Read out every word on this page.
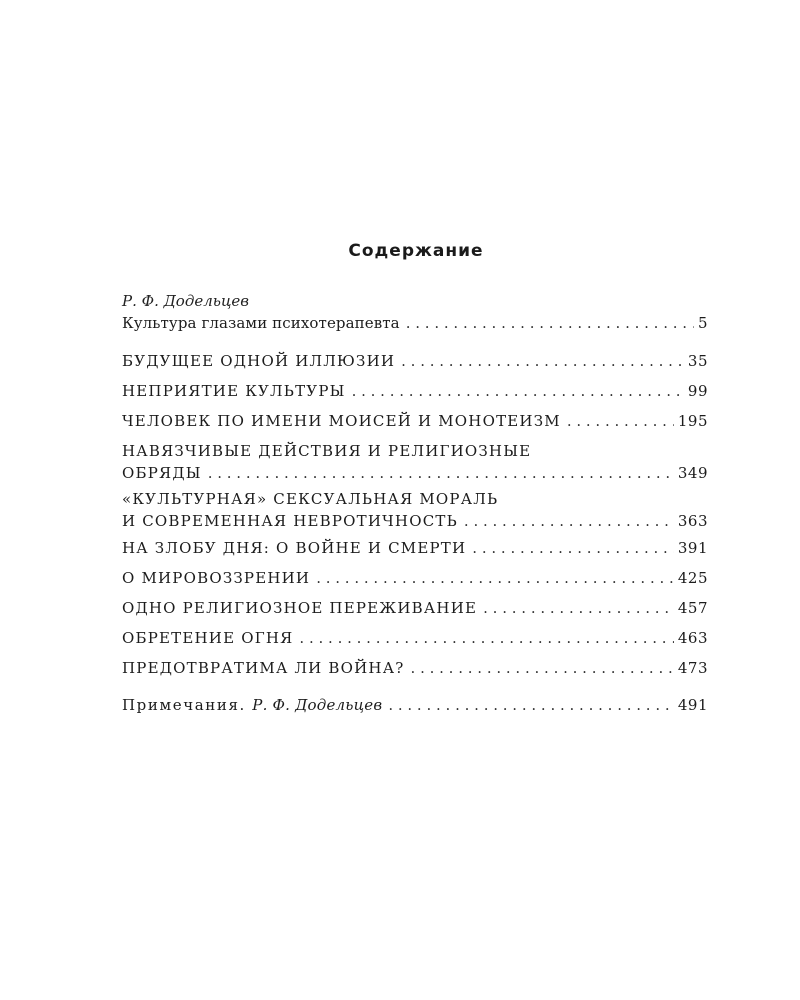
Содержание
Р. Ф. Додельцев
Культура глазами психотерапевта . . .	5
БУДУЩЕЕ ОДНОЙ ИЛЛЮЗИИ . . .	35
НЕПРИЯТИЕ КУЛЬТУРЫ . . .	99
ЧЕЛОВЕК ПО ИМЕНИ МОИСЕЙ И МОНОТЕИЗМ . . .	195
НАВЯЗЧИВЫЕ ДЕЙСТВИЯ И РЕЛИГИОЗНЫЕ
ОБРЯДЫ . . .	349
«КУЛЬТУРНАЯ» СЕКСУАЛЬНАЯ МОРАЛЬ
И СОВРЕМЕННАЯ НЕВРОТИЧНОСТЬ . . .	363
НА ЗЛОБУ ДНЯ: О ВОЙНЕ И СМЕРТИ . . .	391
О МИРОВОЗЗРЕНИИ . . .	425
ОДНО РЕЛИГИОЗНОЕ ПЕРЕЖИВАНИЕ . . .	457
ОБРЕТЕНИЕ ОГНЯ . . .	463
ПРЕДОТВРАТИМА ЛИ ВОЙНА? . . .	473
Примечания. Р. Ф. Додельцев . . .	491
